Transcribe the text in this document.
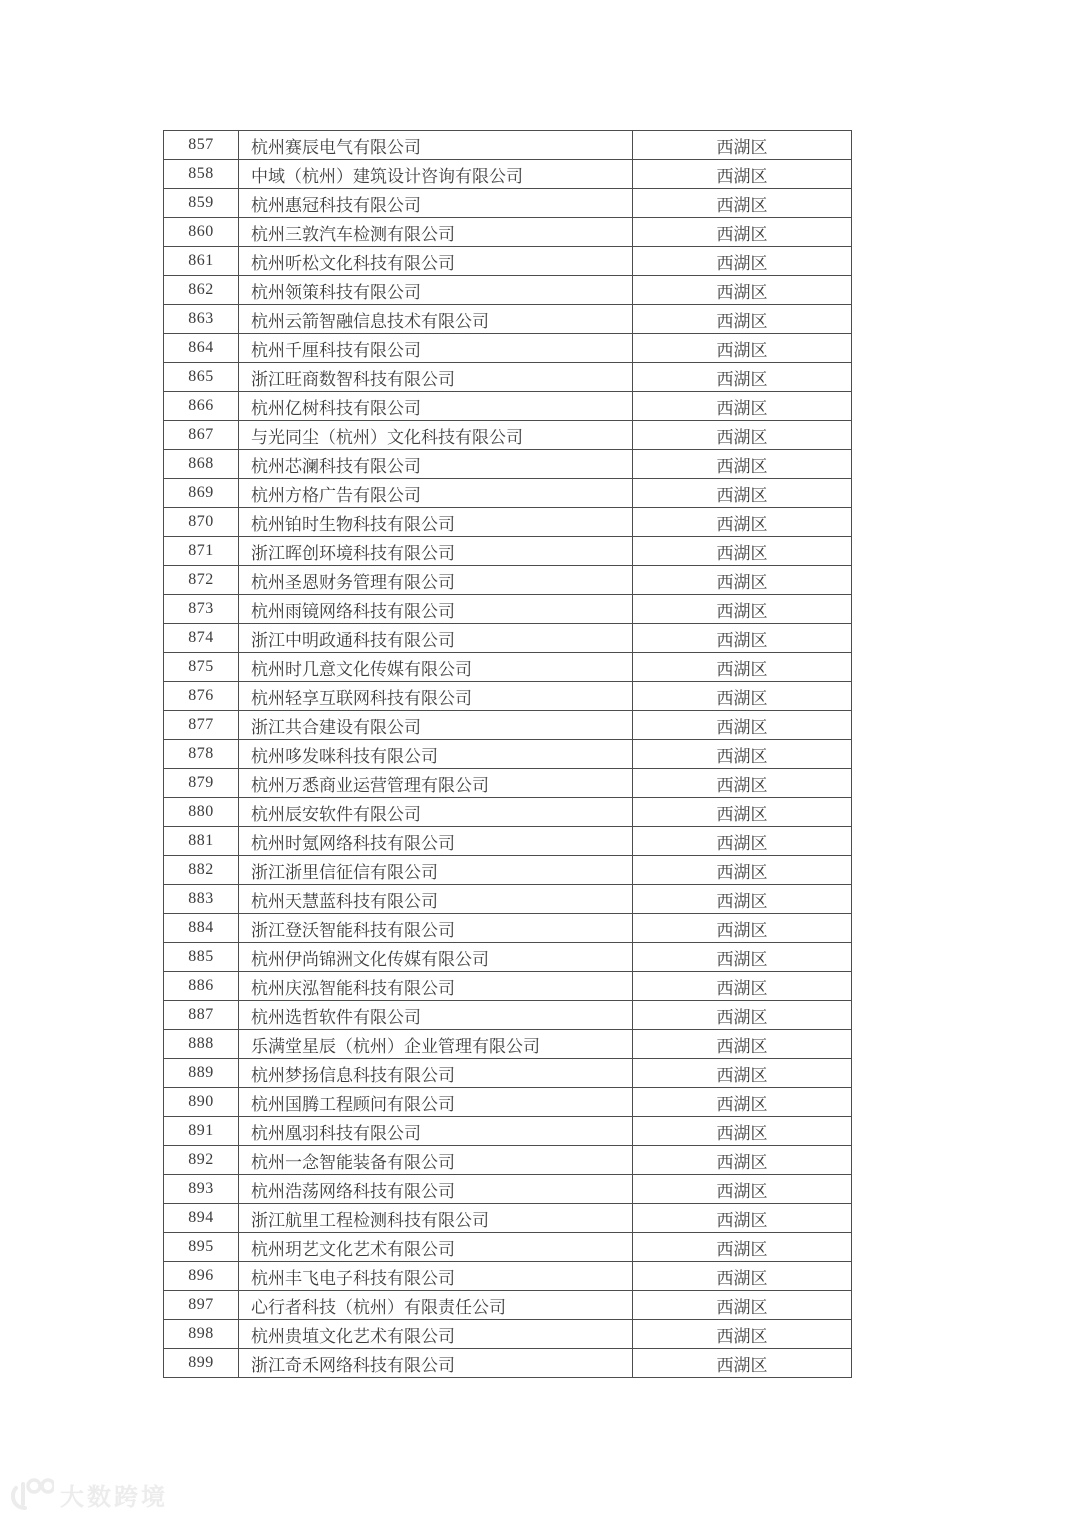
857	杭州赛辰电气有限公司	西湖区
858	中域（杭州）建筑设计咨询有限公司	西湖区
859	杭州惠冠科技有限公司	西湖区
860	杭州三敦汽车检测有限公司	西湖区
861	杭州听松文化科技有限公司	西湖区
862	杭州领策科技有限公司	西湖区
863	杭州云箭智融信息技术有限公司	西湖区
864	杭州千厘科技有限公司	西湖区
865	浙江旺商数智科技有限公司	西湖区
866	杭州亿树科技有限公司	西湖区
867	与光同尘（杭州）文化科技有限公司	西湖区
868	杭州芯澜科技有限公司	西湖区
869	杭州方格广告有限公司	西湖区
870	杭州铂时生物科技有限公司	西湖区
871	浙江晖创环境科技有限公司	西湖区
872	杭州圣恩财务管理有限公司	西湖区
873	杭州雨镜网络科技有限公司	西湖区
874	浙江中明政通科技有限公司	西湖区
875	杭州时几意文化传媒有限公司	西湖区
876	杭州轻享互联网科技有限公司	西湖区
877	浙江共合建设有限公司	西湖区
878	杭州哆发咪科技有限公司	西湖区
879	杭州万悉商业运营管理有限公司	西湖区
880	杭州辰安软件有限公司	西湖区
881	杭州时氪网络科技有限公司	西湖区
882	浙江浙里信征信有限公司	西湖区
883	杭州天慧蓝科技有限公司	西湖区
884	浙江登沃智能科技有限公司	西湖区
885	杭州伊尚锦洲文化传媒有限公司	西湖区
886	杭州庆泓智能科技有限公司	西湖区
887	杭州选哲软件有限公司	西湖区
888	乐满堂星辰（杭州）企业管理有限公司	西湖区
889	杭州梦扬信息科技有限公司	西湖区
890	杭州国腾工程顾问有限公司	西湖区
891	杭州凰羽科技有限公司	西湖区
892	杭州一念智能装备有限公司	西湖区
893	杭州浩荡网络科技有限公司	西湖区
894	浙江航里工程检测科技有限公司	西湖区
895	杭州玥艺文化艺术有限公司	西湖区
896	杭州丰飞电子科技有限公司	西湖区
897	心行者科技（杭州）有限责任公司	西湖区
898	杭州贵埴文化艺术有限公司	西湖区
899	浙江奇禾网络科技有限公司	西湖区
大数跨境
